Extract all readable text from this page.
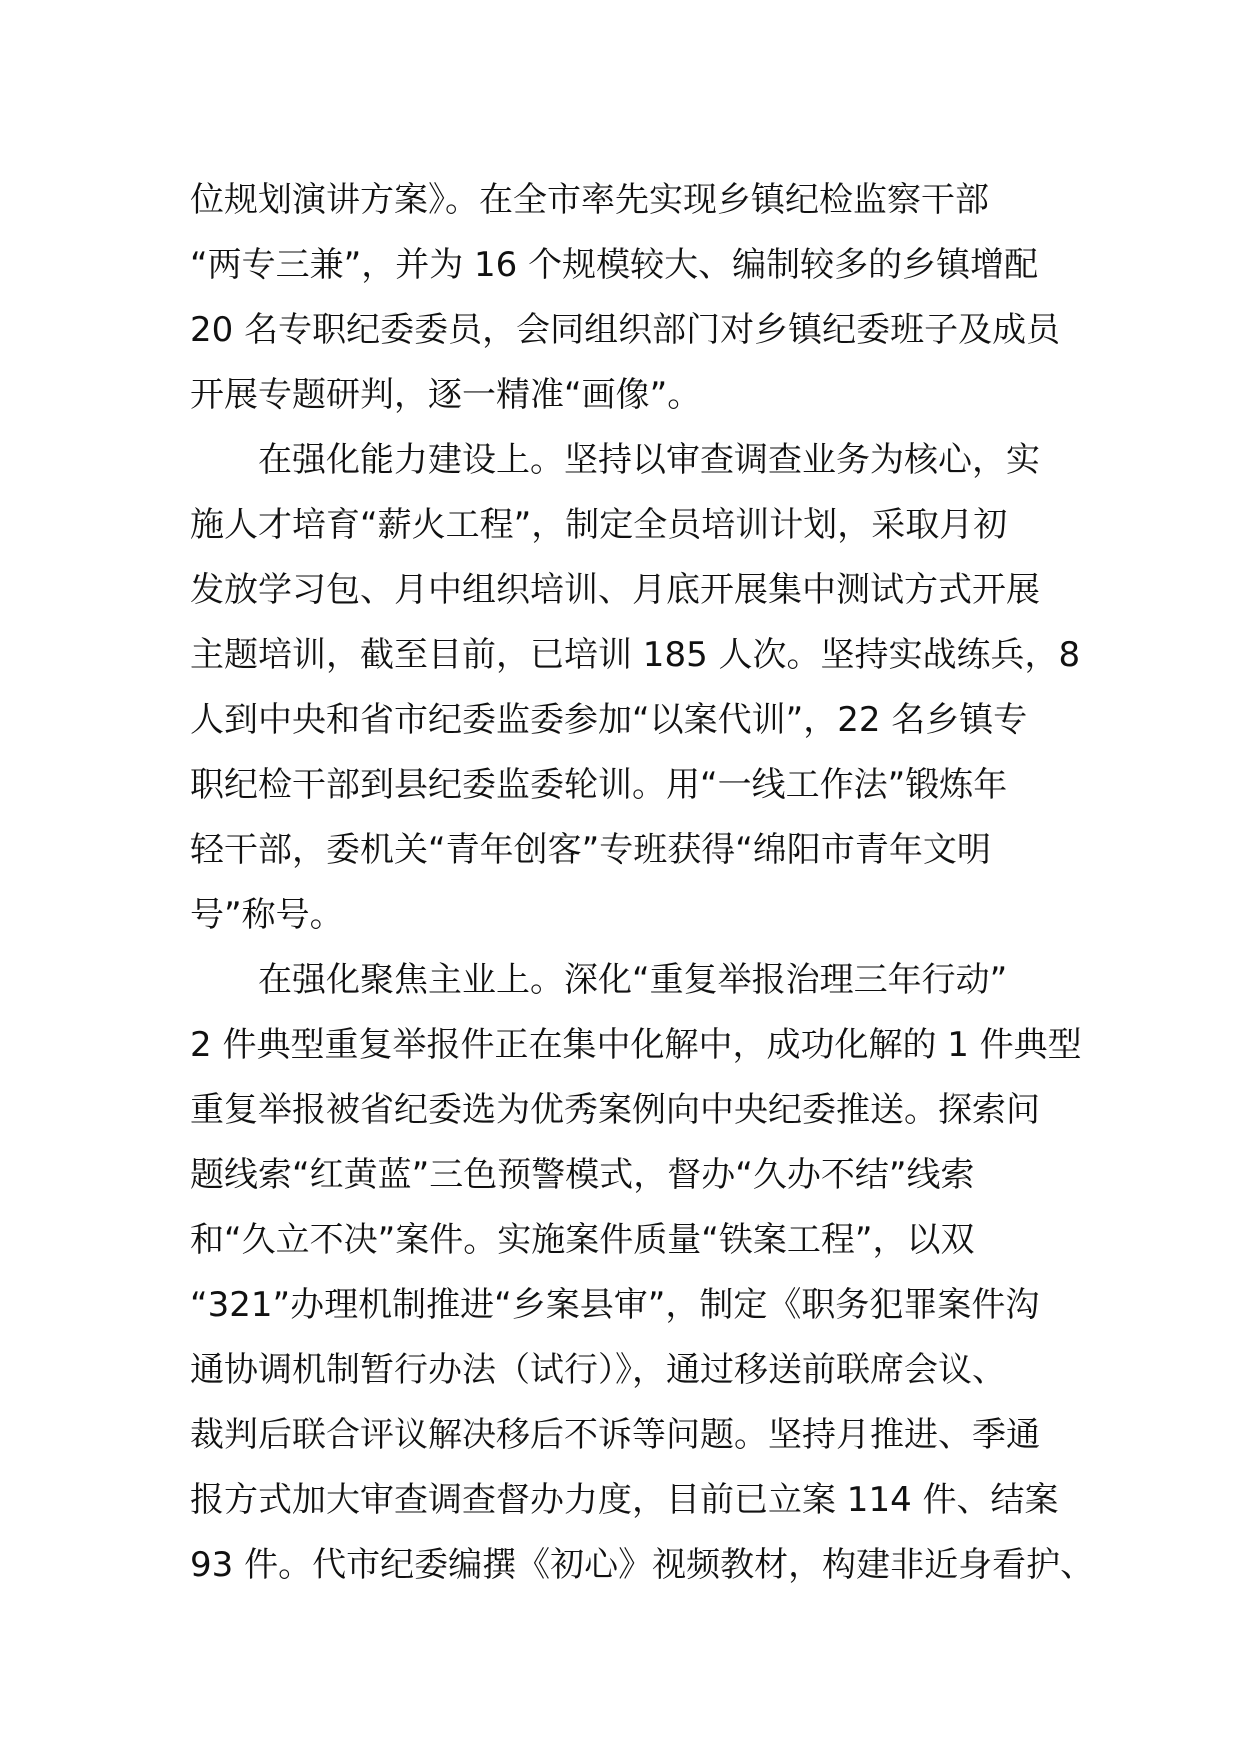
位规划演讲方案》。在全市率先实现乡镇纪检监察干部
“两专三兼”，并为 16 个规模较大、编制较多的乡镇增配
20 名专职纪委委员，会同组织部门对乡镇纪委班子及成员
开展专题研判，逐一精准“画像”。
在强化能力建设上。坚持以审查调查业务为核心，实
施人才培育“薪火工程”，制定全员培训计划，采取月初
发放学习包、月中组织培训、月底开展集中测试方式开展
主题培训，截至目前，已培训 185 人次。坚持实战练兵，8
人到中央和省市纪委监委参加“以案代训”，22 名乡镇专
职纪检干部到县纪委监委轮训。用“一线工作法”锻炼年
轻干部，委机关“青年创客”专班获得“绵阳市青年文明
号”称号。
在强化聚焦主业上。深化“重复举报治理三年行动”
2 件典型重复举报件正在集中化解中，成功化解的 1 件典型
重复举报被省纪委选为优秀案例向中央纪委推送。探索问
题线索“红黄蓝”三色预警模式，督办“久办不结”线索
和“久立不决”案件。实施案件质量“铁案工程”，以双
“321”办理机制推进“乡案县审”，制定《职务犯罪案件沟
通协调机制暂行办法（试行）》，通过移送前联席会议、
裁判后联合评议解决移后不诉等问题。坚持月推进、季通
报方式加大审查调查督办力度，目前已立案 114 件、结案
93 件。代市纪委编撰《初心》视频教材，构建非近身看护、
